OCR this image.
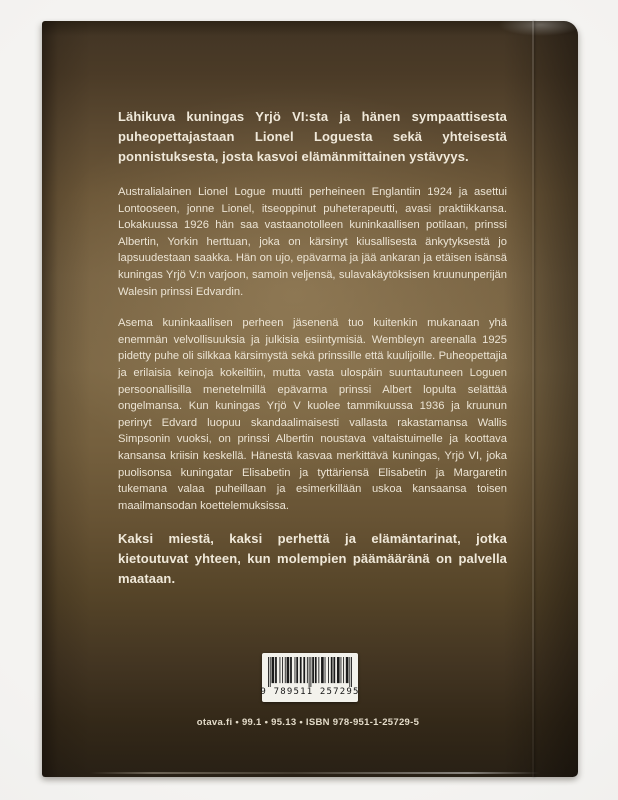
Lähikuva kuningas Yrjö VI:sta ja hänen sympaattisesta puheopettajastaan Lionel Loguesta sekä yhteisestä ponnistuksesta, josta kasvoi elämänmittainen ystävyys.

Australialainen Lionel Logue muutti perheineen Englantiin 1924 ja asettui Lontooseen, jonne Lionel, itseoppinut puheterapeutti, avasi praktiikkansa. Lokakuussa 1926 hän saa vastaanotolleen kuninkaallisen potilaan, prinssi Albertin, Yorkin herttuan, joka on kärsinyt kiusallisesta änkytyksestä jo lapsuudestaan saakka. Hän on ujo, epävarma ja jää ankaran ja etäisen isänsä kuningas Yrjö V:n varjoon, samoin veljensä, sulavakäytöksisen kruununperijän Walesin prinssi Edvardin.

Asema kuninkaallisen perheen jäsenenä tuo kuitenkin mukanaan yhä enemmän velvollisuuksia ja julkisia esiintymisiä. Wembleyn areenalla 1925 pidetty puhe oli silkkaa kärsimystä sekä prinssille että kuulijoille. Puheopettajia ja erilaisia keinoja kokeiltiin, mutta vasta ulospäin suuntautuneen Loguen persoonallisilla menetelmillä epävarma prinssi Albert lopulta selättää ongelmansa. Kun kuningas Yrjö V kuolee tammikuussa 1936 ja kruunun perinyt Edvard luopuu skandaalimaisesti vallasta rakastamansa Wallis Simpsonin vuoksi, on prinssi Albertin noustava valtaistuimelle ja koottava kansansa kriisin keskellä. Hänestä kasvaa merkittävä kuningas, Yrjö VI, joka puolisonsa kuningatar Elisabetin ja tyttäriensä Elisabetin ja Margaretin tukemana valaa puheillaan ja esimerkillään uskoa kansaansa toisen maailmansodan koettelemuksissa.

Kaksi miestä, kaksi perhettä ja elämäntarinat, jotka kietoutuvat yhteen, kun molempien päämääränä on palvella maataan.

9 789511 257295
otava.fi • 99.1 • 95.13 • ISBN 978-951-1-25729-5
